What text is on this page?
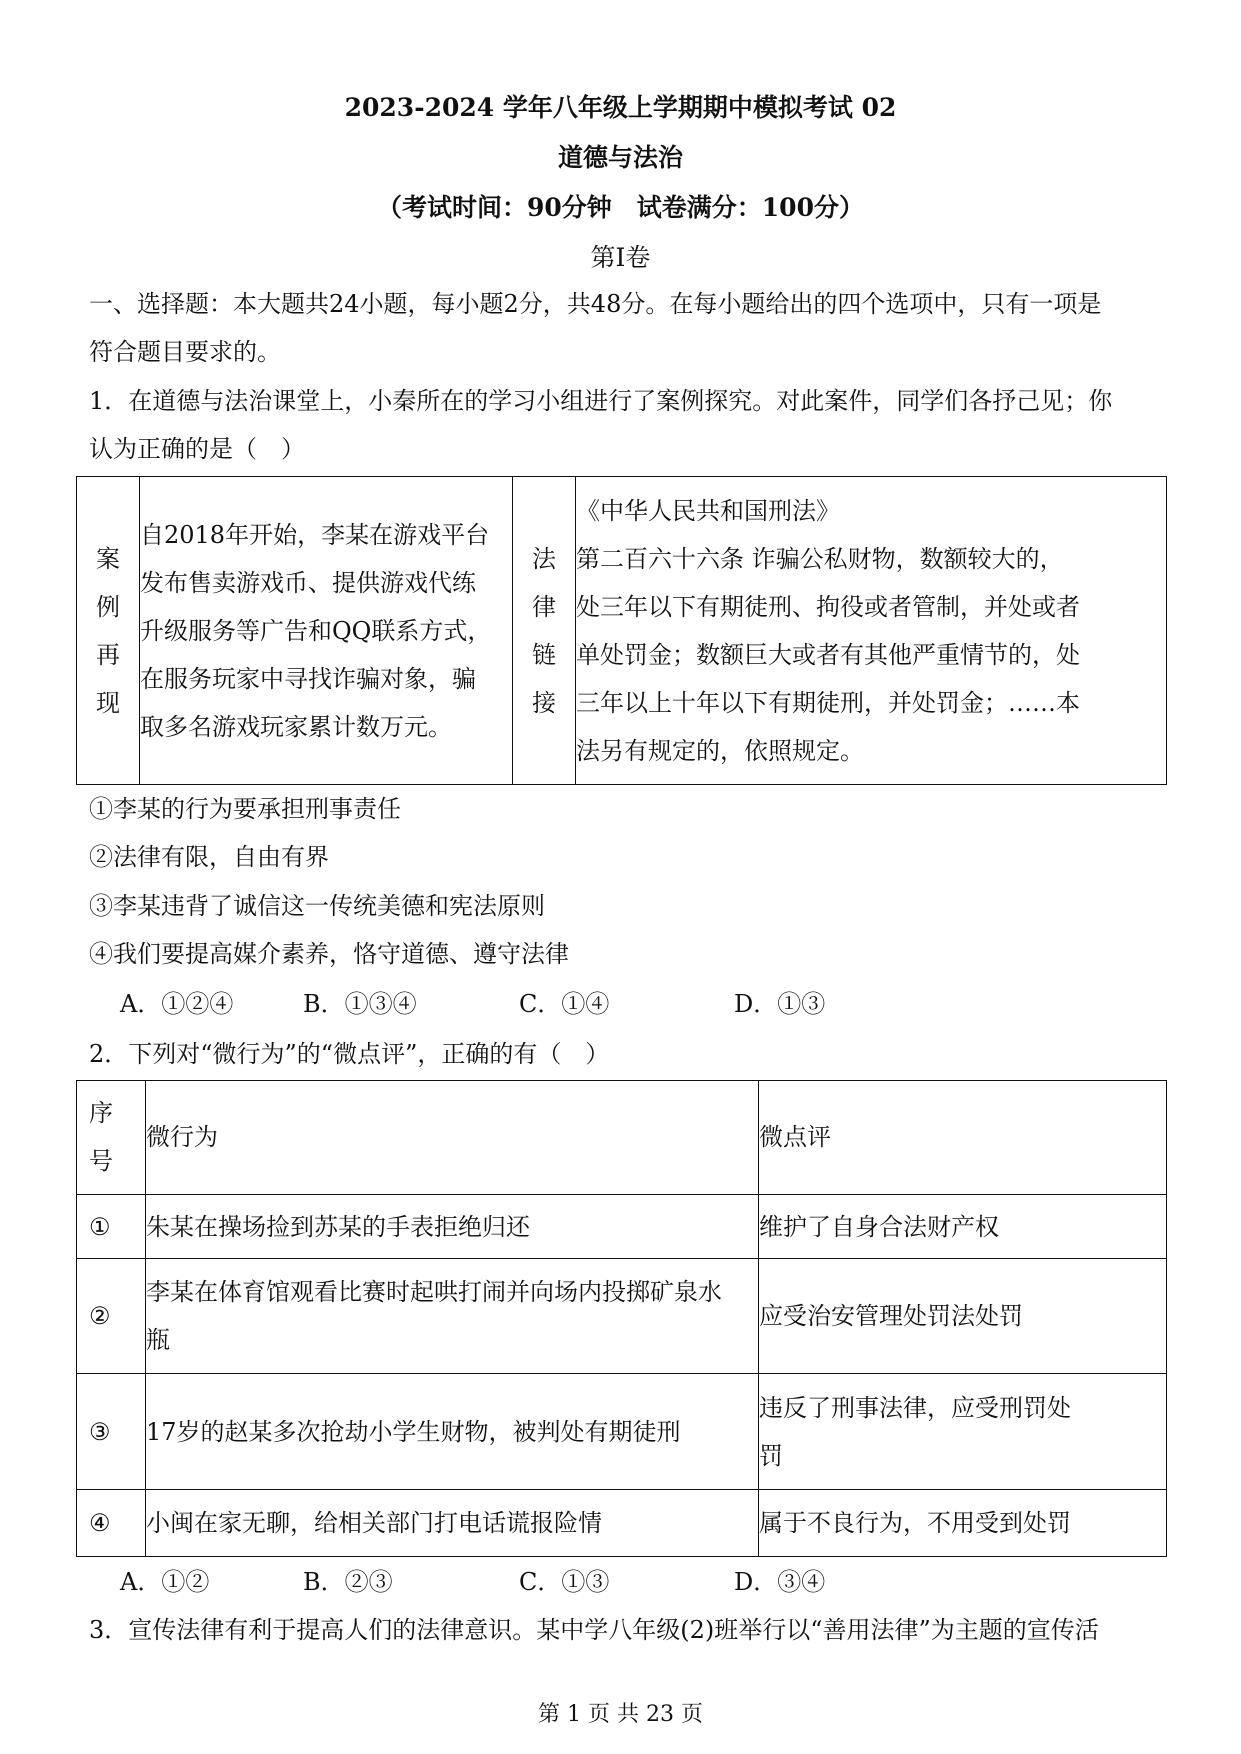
2023-2024 学年八年级上学期期中模拟考试 02
道德与法治
（考试时间：90分钟　试卷满分：100分）
第Ⅰ卷
一、选择题：本大题共24小题，每小题2分，共48分。在每小题给出的四个选项中，只有一项是
符合题目要求的。
1．在道德与法治课堂上，小秦所在的学习小组进行了案例探究。对此案件，同学们各抒己见；你
认为正确的是（　）
案
例
再
现

自2018年开始，李某在游戏平台
发布售卖游戏币、提供游戏代练
升级服务等广告和QQ联系方式，
在服务玩家中寻找诈骗对象，骗
取多名游戏玩家累计数万元。

法
律
链
接

《中华人民共和国刑法》
第二百六十六条 诈骗公私财物，数额较大的，
处三年以下有期徒刑、拘役或者管制，并处或者
单处罚金；数额巨大或者有其他严重情节的，处
三年以上十年以下有期徒刑，并处罚金；……本
法另有规定的，依照规定。
①李某的行为要承担刑事责任
②法律有限，自由有界
③李某违背了诚信这一传统美德和宪法原则
④我们要提高媒介素养，恪守道德、遵守法律
A．①②④	B．①③④	C．①④	D．①③
2．下列对“微行为”的“微点评”，正确的有（　）
序
号	微行为	微点评
①	朱某在操场捡到苏某的手表拒绝归还	维护了自身合法财产权

②	李某在体育馆观看比赛时起哄打闹并向场内投掷矿泉水
瓶	应受治安管理处罚法处罚

③	17岁的赵某多次抢劫小学生财物，被判处有期徒刑	违反了刑事法律，应受刑罚处
罚

④	小闽在家无聊，给相关部门打电话谎报险情	属于不良行为，不用受到处罚
A．①②	B．②③	C．①③	D．③④
3．宣传法律有利于提高人们的法律意识。某中学八年级(2)班举行以“善用法律”为主题的宣传活
第 1 页 共 23 页
